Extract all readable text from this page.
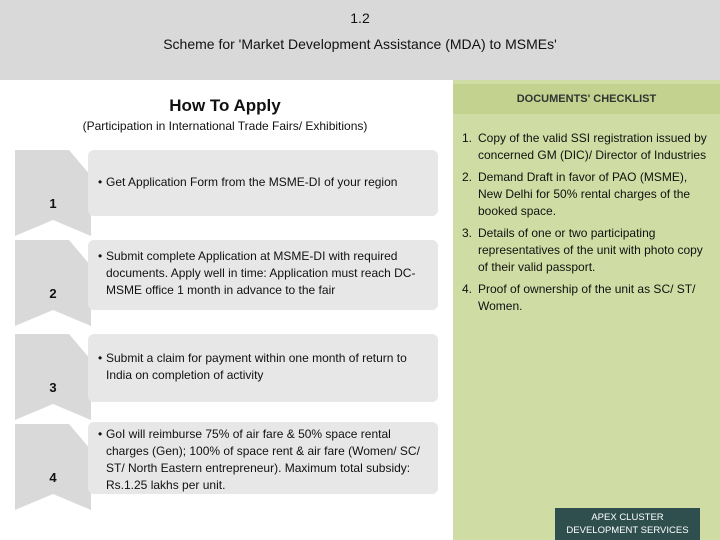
1.2
Scheme for 'Market Development Assistance (MDA) to MSMEs'
How To Apply
(Participation in International Trade Fairs/ Exhibitions)
1
• Get Application Form from the MSME-DI of your region
2
• Submit complete Application at MSME-DI with required documents. Apply well in time: Application must reach DC-MSME office 1 month in advance to the fair
3
• Submit a claim for payment within one month of return to India on completion of activity
4
• GoI will reimburse 75% of air fare & 50% space rental charges (Gen); 100% of space rent & air fare (Women/ SC/ ST/ North Eastern entrepreneur). Maximum total subsidy: Rs.1.25 lakhs per unit.
DOCUMENTS' CHECKLIST
1. Copy of the valid SSI registration issued by concerned GM (DIC)/ Director of Industries
2. Demand Draft in favor of PAO (MSME), New Delhi for 50% rental charges of the booked space.
3. Details of one or two participating representatives of the unit with photo copy of their valid passport.
4. Proof of ownership of the unit as SC/ ST/ Women.
APEX CLUSTER DEVELOPMENT SERVICES
